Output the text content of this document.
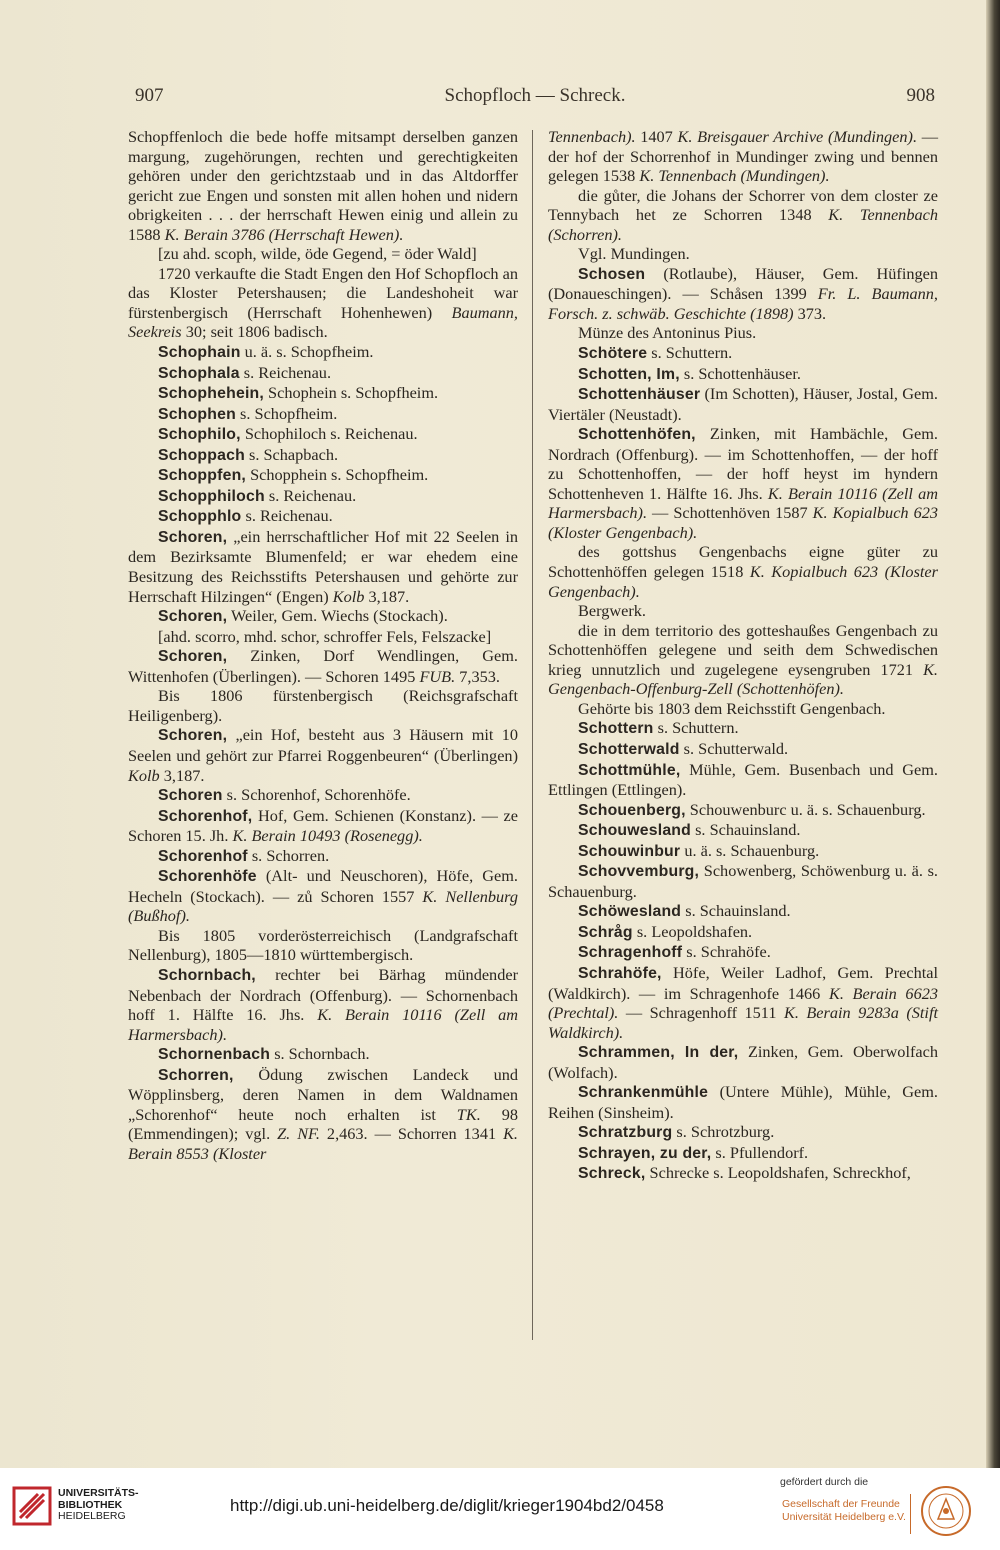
907	Schopfloch — Schreck.	908

Schopffenloch die bede hoffe mitsampt derselben ganzen margung, zugehörungen, rechten und gerechtigkeiten gehören under den gerichtzstaab und in das Altdorffer gericht zue Engen und sonsten mit allen hohen und nidern obrigkeiten . . . der herrschaft Hewen einig und allein zu 1588 K. Berain 3786 (Herrschaft Hewen).

[zu ahd. scoph, wilde, öde Gegend, = öder Wald]

1720 verkaufte die Stadt Engen den Hof Schopfloch an das Kloster Petershausen; die Landeshoheit war fürstenbergisch (Herrschaft Hohenhewen) Baumann, Seekreis 30; seit 1806 badisch.

Schophain u. ä. s. Schopfheim.

Schophala s. Reichenau.

Schophehein, Schophein s. Schopfheim.

Schophen s. Schopfheim.

Schophilo, Schophiloch s. Reichenau.

Schoppach s. Schapbach.

Schoppfen, Schopphein s. Schopfheim.

Schopphiloch s. Reichenau.

Schopphlo s. Reichenau.

Schoren, „ein herrschaftlicher Hof mit 22 Seelen in dem Bezirksamte Blumenfeld; er war ehedem eine Besitzung des Reichsstifts Petershausen und gehörte zur Herrschaft Hilzingen“ (Engen) Kolb 3,187.

Schoren, Weiler, Gem. Wiechs (Stockach).

[ahd. scorro, mhd. schor, schroffer Fels, Felszacke]

Schoren, Zinken, Dorf Wendlingen, Gem. Wittenhofen (Überlingen). — Schoren 1495 FUB. 7,353.

Bis 1806 fürstenbergisch (Reichsgrafschaft Heiligenberg).

Schoren, „ein Hof, besteht aus 3 Häusern mit 10 Seelen und gehört zur Pfarrei Roggenbeuren“ (Überlingen) Kolb 3,187.

Schoren s. Schorenhof, Schorenhöfe.

Schorenhof, Hof, Gem. Schienen (Konstanz). — ze Schoren 15. Jh. K. Berain 10493 (Rosenegg).

Schorenhof s. Schorren.

Schorenhöfe (Alt- und Neuschoren), Höfe, Gem. Hecheln (Stockach). — zů Schoren 1557 K. Nellenburg (Bußhof).

Bis 1805 vorderösterreichisch (Landgrafschaft Nellenburg), 1805—1810 württembergisch.

Schornbach, rechter bei Bärhag mündender Nebenbach der Nordrach (Offenburg). — Schornenbach hoff 1. Hälfte 16. Jhs. K. Berain 10116 (Zell am Harmersbach).

Schornenbach s. Schornbach.

Schorren, Ödung zwischen Landeck und Wöpplinsberg, deren Namen in dem Waldnamen „Schorenhof“ heute noch erhalten ist TK. 98 (Emmendingen); vgl. Z. NF. 2,463. — Schorren 1341 K. Berain 8553 (Kloster

Tennenbach). 1407 K. Breisgauer Archive (Mundingen). — der hof der Schorrenhof in Mundinger zwing und bennen gelegen 1538 K. Tennenbach (Mundingen).

die gůter, die Johans der Schorrer von dem closter ze Tennybach het ze Schorren 1348 K. Tennenbach (Schorren).

Vgl. Mundingen.

Schosen (Rotlaube), Häuser, Gem. Hüfingen (Donaueschingen). — Schåsen 1399 Fr. L. Baumann, Forsch. z. schwäb. Geschichte (1898) 373.

Münze des Antoninus Pius.

Schötere s. Schuttern.

Schotten, Im, s. Schottenhäuser.

Schottenhäuser (Im Schotten), Häuser, Jostal, Gem. Viertäler (Neustadt).

Schottenhöfen, Zinken, mit Hambächle, Gem. Nordrach (Offenburg). — im Schottenhoffen, — der hoff zu Schottenhoffen, — der hoff heyst im hyndern Schottenheven 1. Hälfte 16. Jhs. K. Berain 10116 (Zell am Harmersbach). — Schottenhöven 1587 K. Kopialbuch 623 (Kloster Gengenbach).

des gottshus Gengenbachs eigne güter zu Schottenhöffen gelegen 1518 K. Kopialbuch 623 (Kloster Gengenbach).

Bergwerk.

die in dem territorio des gotteshaußes Gengenbach zu Schottenhöffen gelegene und seith dem Schwedischen krieg unnutzlich und zugelegene eysengruben 1721 K. Gengenbach-Offenburg-Zell (Schottenhöfen).

Gehörte bis 1803 dem Reichsstift Gengenbach.

Schottern s. Schuttern.

Schotterwald s. Schutterwald.

Schottmühle, Mühle, Gem. Busenbach und Gem. Ettlingen (Ettlingen).

Schouenberg, Schouwenburc u. ä. s. Schauenburg.

Schouwesland s. Schauinsland.

Schouwinbur u. ä. s. Schauenburg.

Schovvemburg, Schowenberg, Schöwenburg u. ä. s. Schauenburg.

Schöwesland s. Schauinsland.

Schråg s. Leopoldshafen.

Schragenhoff s. Schrahöfe.

Schrahöfe, Höfe, Weiler Ladhof, Gem. Prechtal (Waldkirch). — im Schragenhofe 1466 K. Berain 6623 (Prechtal). — Schragenhoff 1511 K. Berain 9283a (Stift Waldkirch).

Schrammen, In der, Zinken, Gem. Oberwolfach (Wolfach).

Schrankenmühle (Untere Mühle), Mühle, Gem. Reihen (Sinsheim).

Schratzburg s. Schrotzburg.

Schrayen, zu der, s. Pfullendorf.

Schreck, Schrecke s. Leopoldshafen, Schreckhof,

UNIVERSITÄTS-
BIBLIOTHEK
HEIDELBERG
http://digi.ub.uni-heidelberg.de/diglit/krieger1904bd2/0458
gefördert durch die
Gesellschaft der Freunde
Universität Heidelberg e.V.
